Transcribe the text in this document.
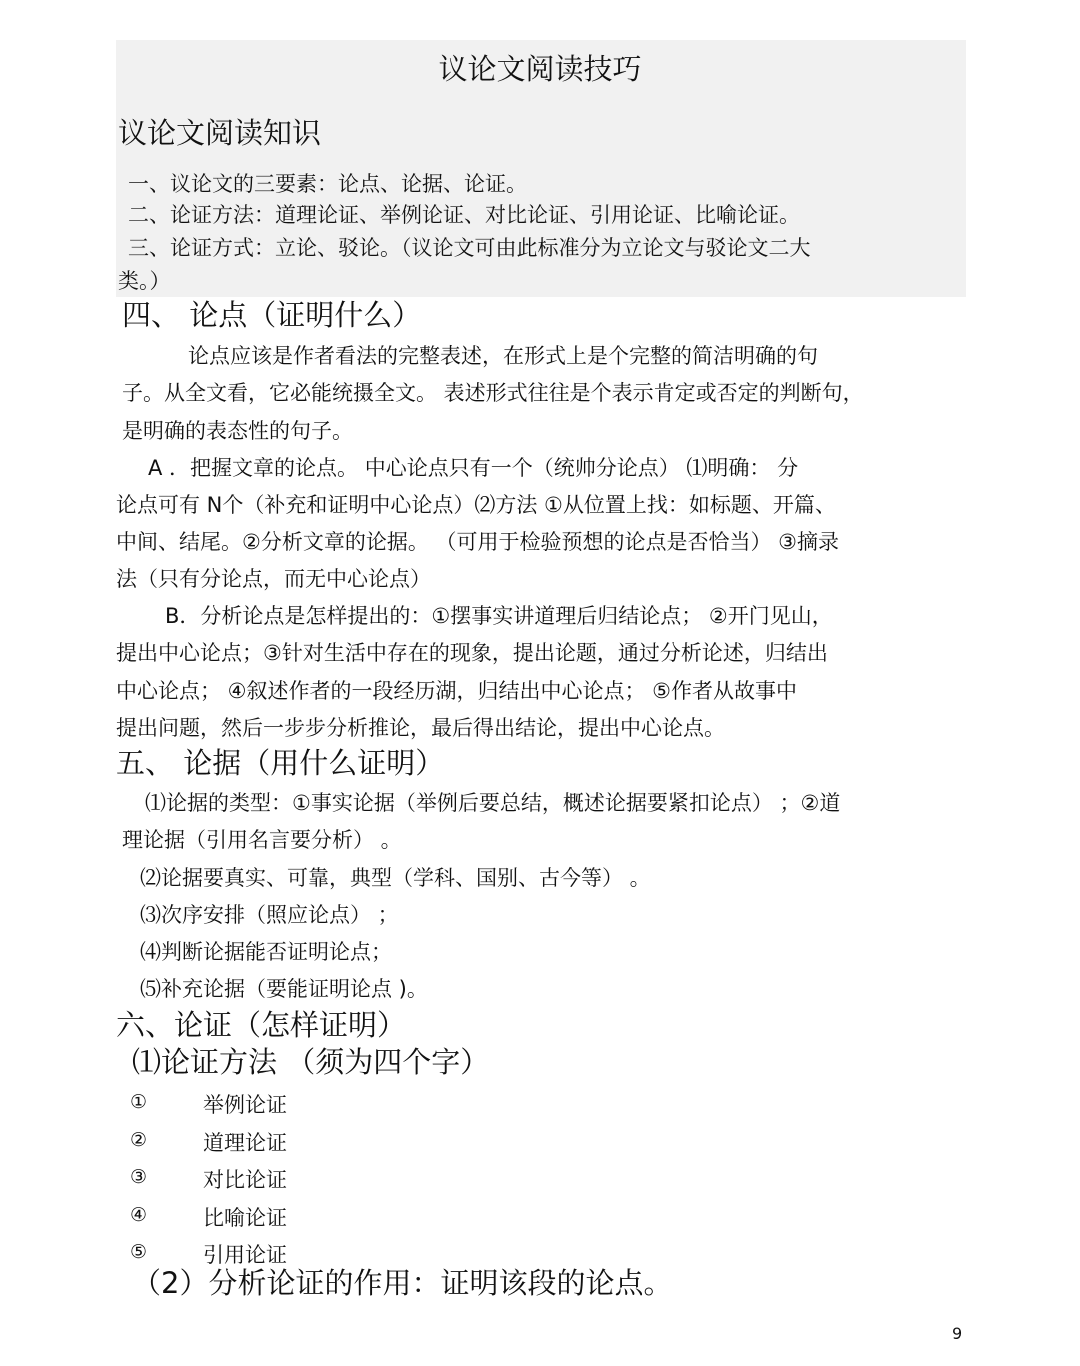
议论文阅读技巧
议论文阅读知识
一、议论文的三要素：论点、论据、论证。
二、论证方法：道理论证、举例论证、对比论证、引用论证、比喻论证。
三、论证方式：立论、驳论。（议论文可由此标准分为立论文与驳论文二大
类。）
四、 论点（证明什么）
论点应该是作者看法的完整表述，在形式上是个完整的简洁明确的句
子。从全文看，它必能统摄全文。 表述形式往往是个表示肯定或否定的判断句，
是明确的表态性的句子。
A ．把握文章的论点。 中心论点只有一个（统帅分论点） ⑴明确： 分
论点可有 N个（补充和证明中心论点）⑵方法 ①从位置上找：如标题、开篇、
中间、结尾。②分析文章的论据。 （可用于检验预想的论点是否恰当） ③摘录
法（只有分论点，而无中心论点）
B．分析论点是怎样提出的：①摆事实讲道理后归结论点； ②开门见山，
提出中心论点；③针对生活中存在的现象，提出论题，通过分析论述，归结出
中心论点； ④叙述作者的一段经历湖，归结出中心论点； ⑤作者从故事中
提出问题，然后一步步分析推论，最后得出结论，提出中心论点。
五、 论据（用什么证明）
⑴论据的类型：①事实论据（举例后要总结，概述论据要紧扣论点） ；②道
理论据（引用名言要分析） 。
⑵论据要真实、可靠，典型（学科、国别、古今等） 。
⑶次序安排（照应论点） ；
⑷判断论据能否证明论点；
⑸补充论据（要能证明论点 )。
六、论证（怎样证明）
⑴论证方法 （须为四个字）
①	举例论证
②	道理论证
③	对比论证
④	比喻论证
⑤	引用论证
（2）分析论证的作用：证明该段的论点。
9
